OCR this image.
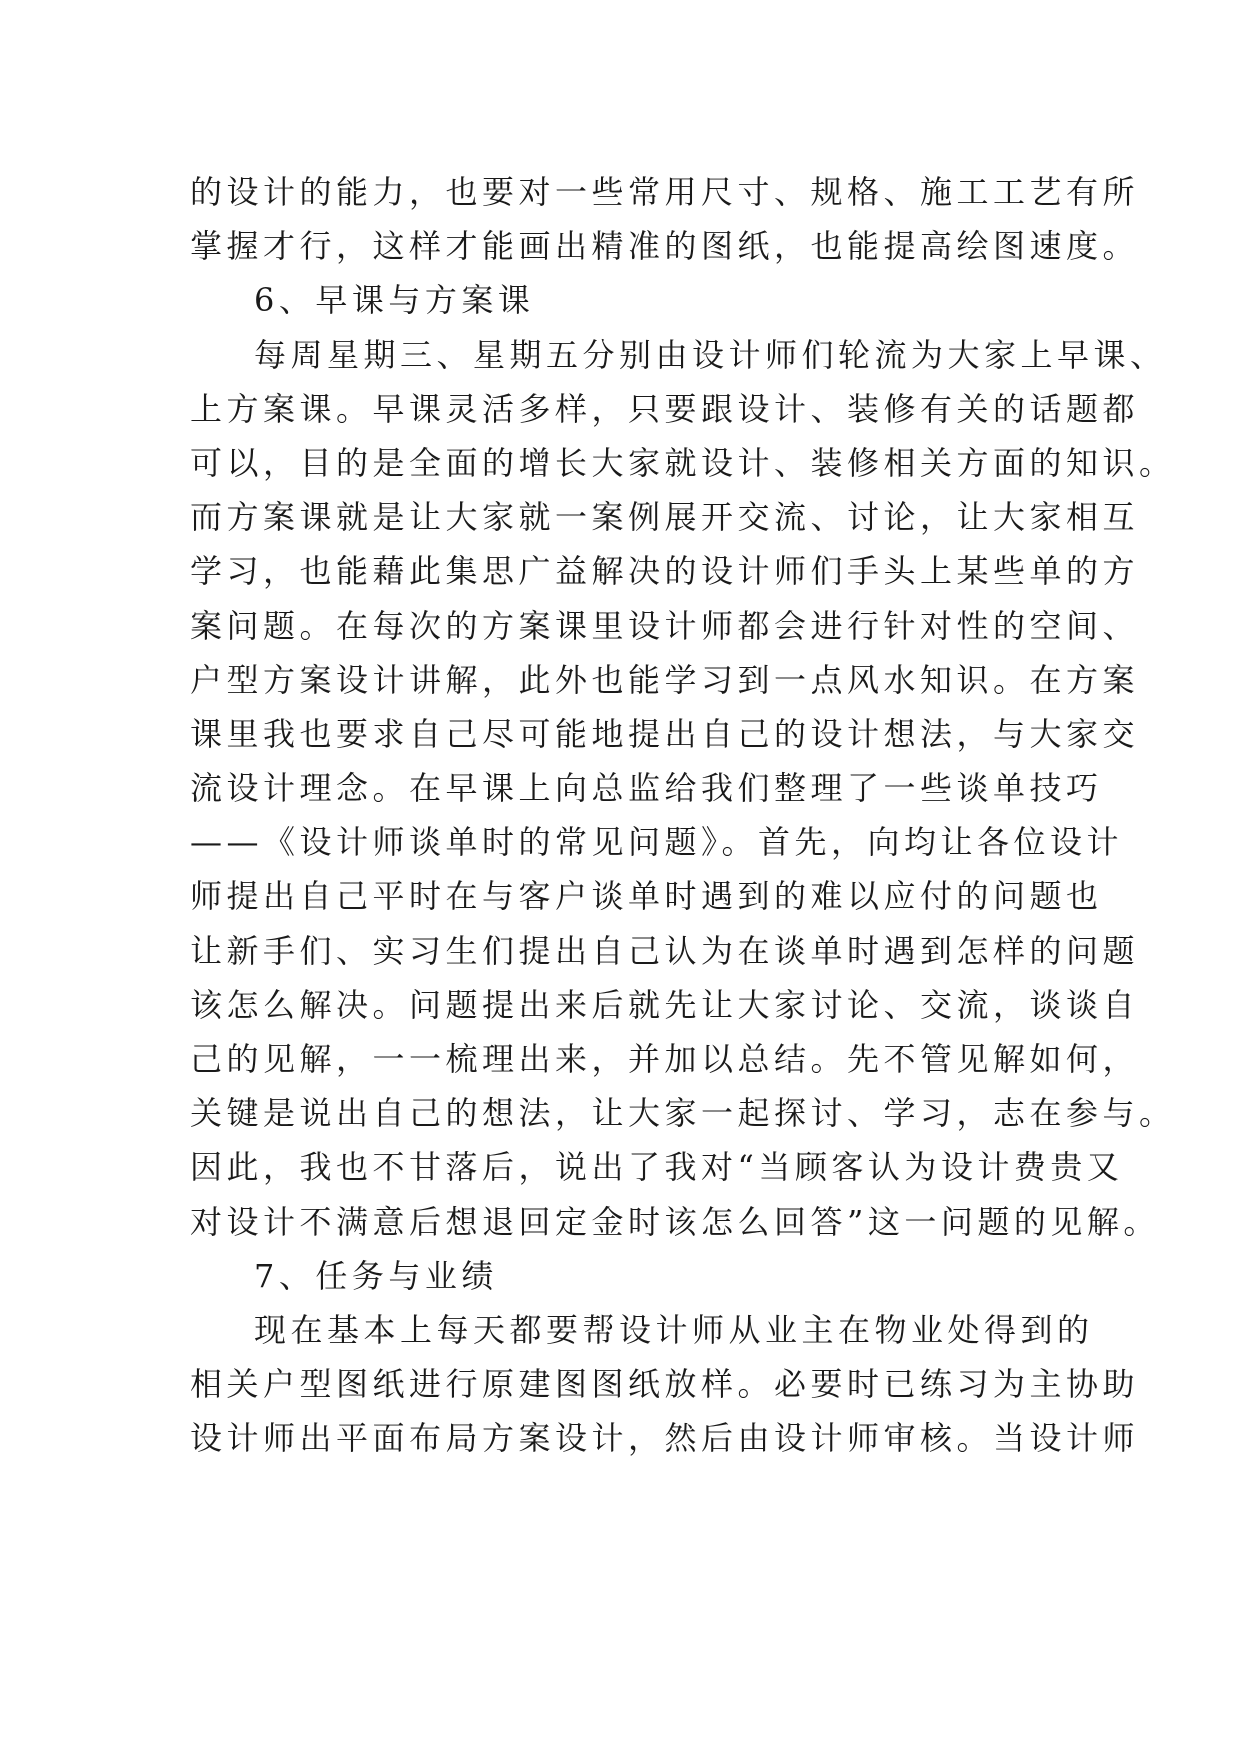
的设计的能力，也要对一些常用尺寸、规格、施工工艺有所
掌握才行，这样才能画出精准的图纸，也能提高绘图速度。
6、早课与方案课
每周星期三、星期五分别由设计师们轮流为大家上早课、
上方案课。早课灵活多样，只要跟设计、装修有关的话题都
可以，目的是全面的增长大家就设计、装修相关方面的知识。
而方案课就是让大家就一案例展开交流、讨论，让大家相互
学习，也能藉此集思广益解决的设计师们手头上某些单的方
案问题。在每次的方案课里设计师都会进行针对性的空间、
户型方案设计讲解，此外也能学习到一点风水知识。在方案
课里我也要求自己尽可能地提出自己的设计想法，与大家交
流设计理念。在早课上向总监给我们整理了一些谈单技巧
——《设计师谈单时的常见问题》。首先，向均让各位设计
师提出自己平时在与客户谈单时遇到的难以应付的问题也
让新手们、实习生们提出自己认为在谈单时遇到怎样的问题
该怎么解决。问题提出来后就先让大家讨论、交流，谈谈自
己的见解，一一梳理出来，并加以总结。先不管见解如何，
关键是说出自己的想法，让大家一起探讨、学习，志在参与。
因此，我也不甘落后，说出了我对“当顾客认为设计费贵又
对设计不满意后想退回定金时该怎么回答”这一问题的见解。
7、任务与业绩
现在基本上每天都要帮设计师从业主在物业处得到的
相关户型图纸进行原建图图纸放样。必要时已练习为主协助
设计师出平面布局方案设计，然后由设计师审核。当设计师
